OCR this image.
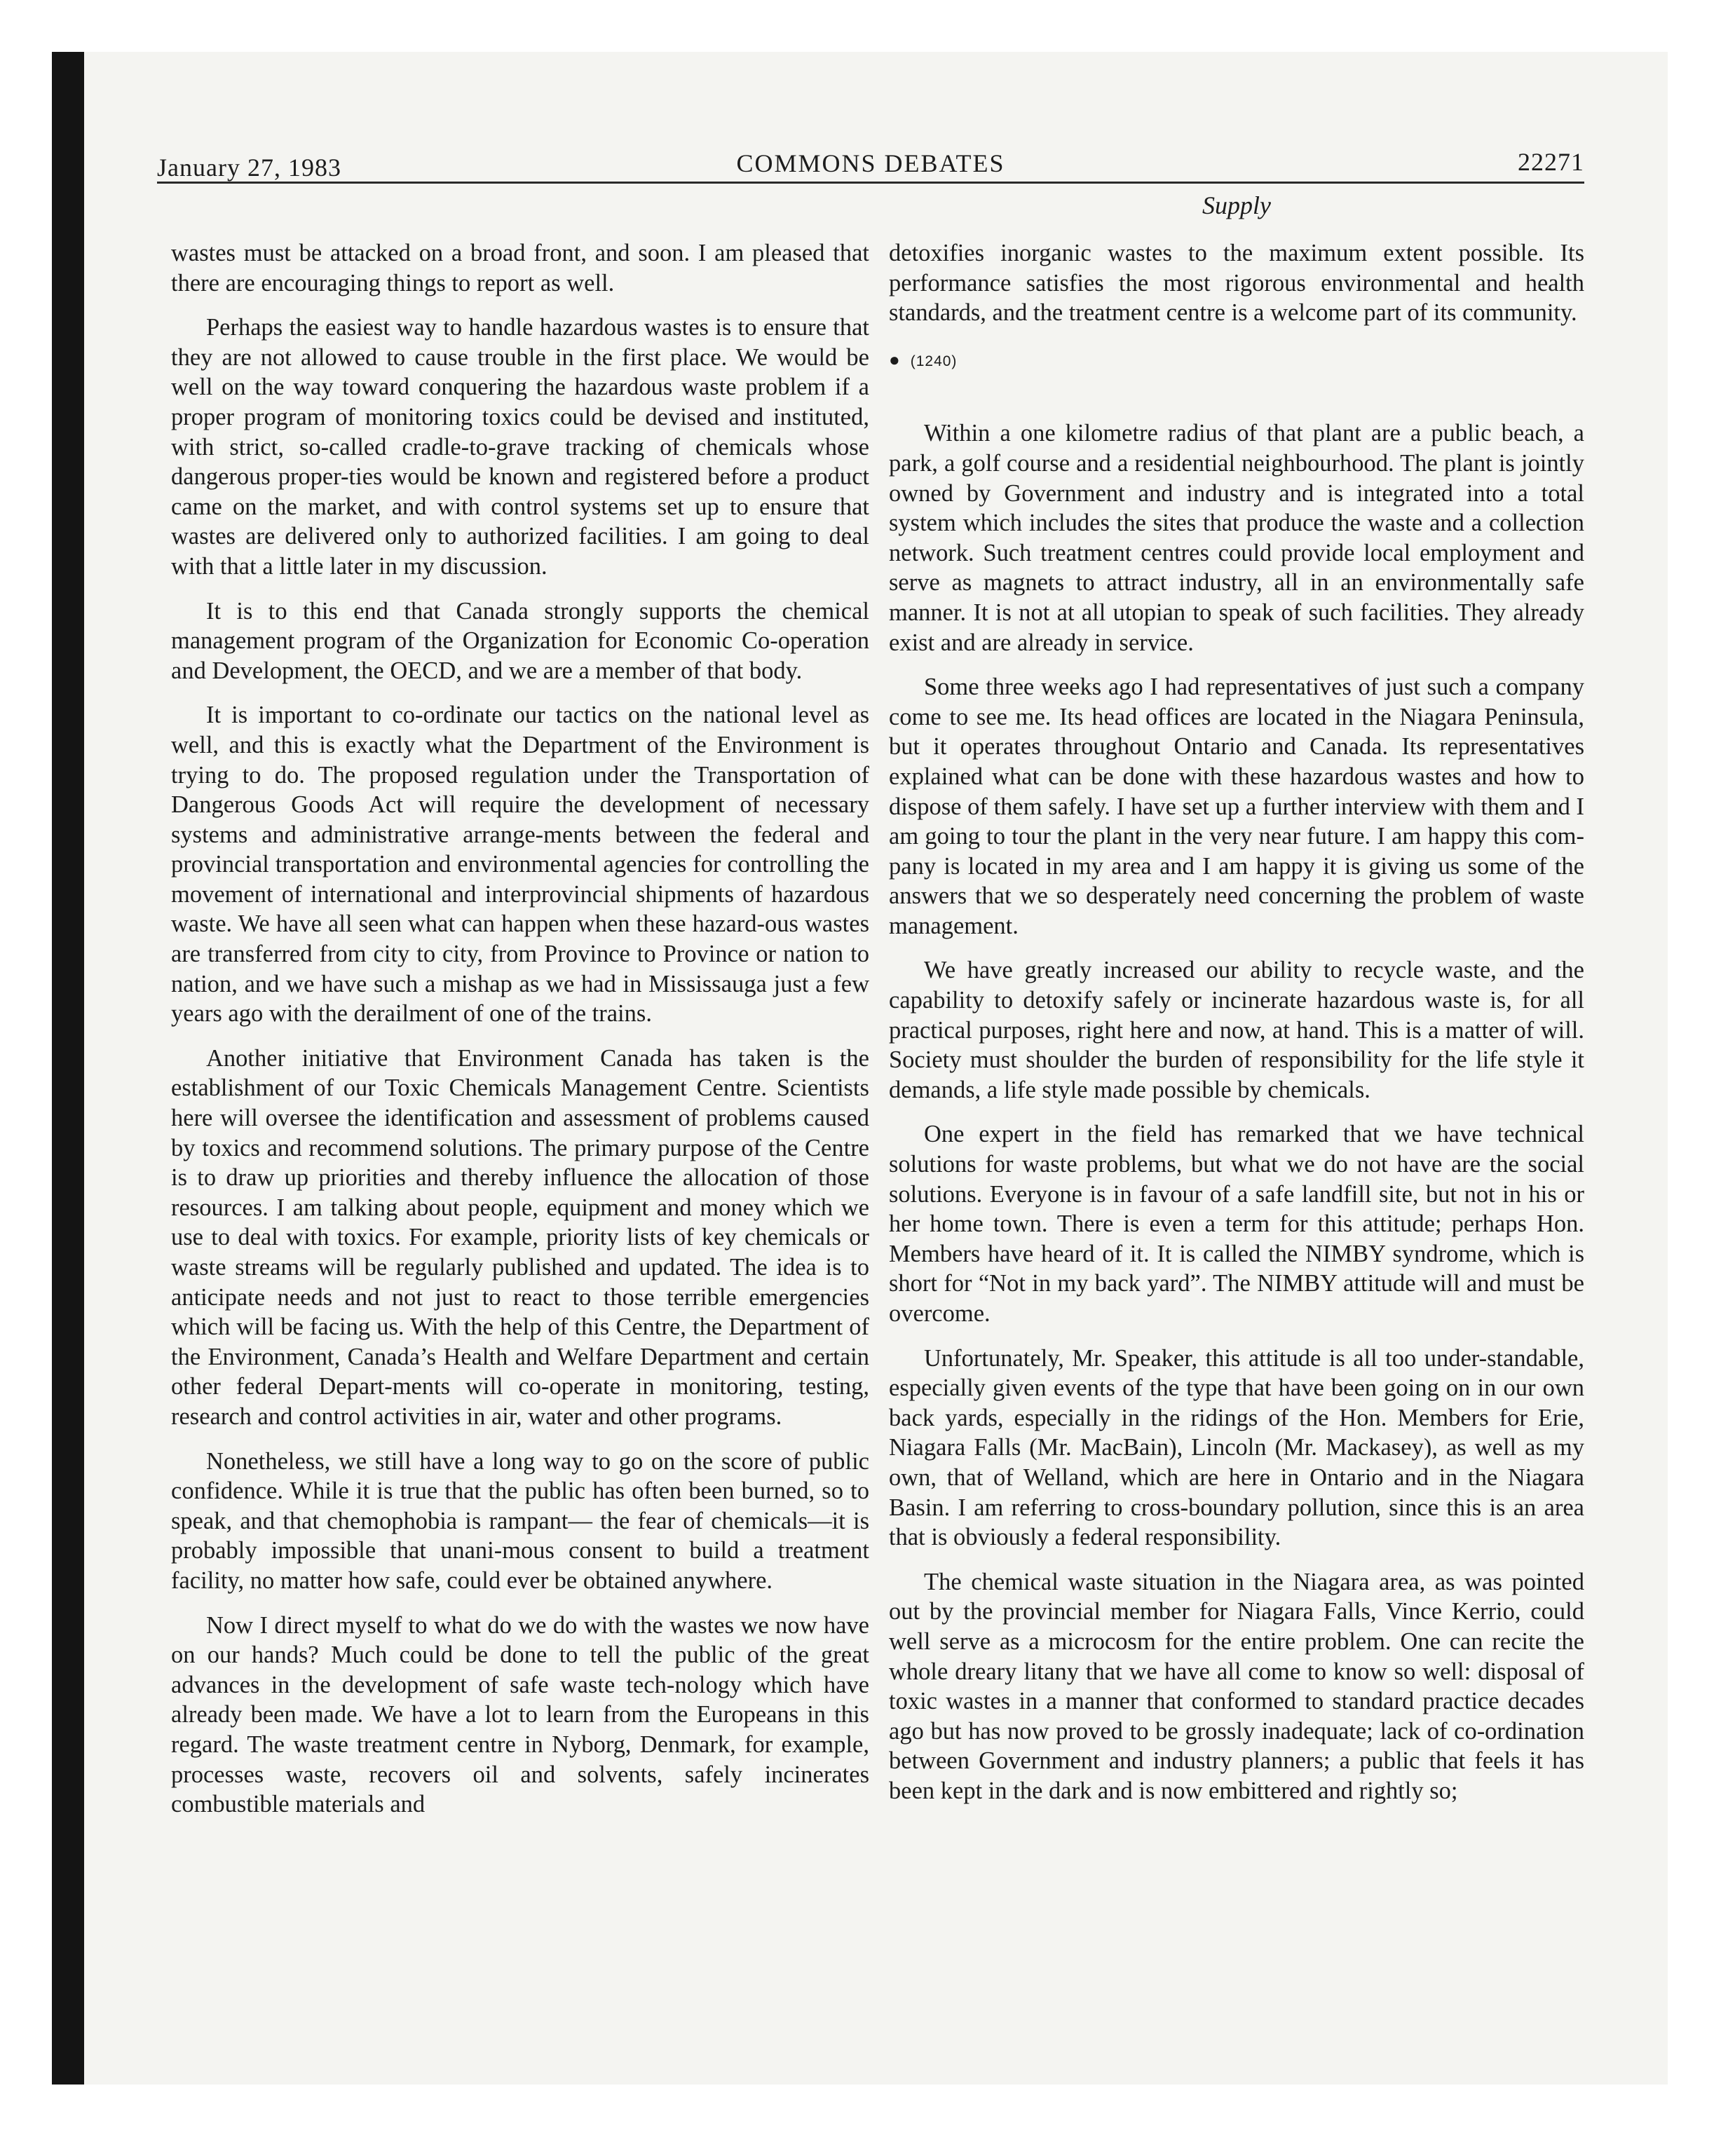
January 27, 1983	COMMONS DEBATES	22271
Supply

wastes must be attacked on a broad front, and soon. I am pleased that there are encouraging things to report as well.

Perhaps the easiest way to handle hazardous wastes is to ensure that they are not allowed to cause trouble in the first place. We would be well on the way toward conquering the hazardous waste problem if a proper program of monitoring toxics could be devised and instituted, with strict, so-called cradle-to-grave tracking of chemicals whose dangerous proper-ties would be known and registered before a product came on the market, and with control systems set up to ensure that wastes are delivered only to authorized facilities. I am going to deal with that a little later in my discussion.

It is to this end that Canada strongly supports the chemical management program of the Organization for Economic Co-operation and Development, the OECD, and we are a member of that body.

It is important to co-ordinate our tactics on the national level as well, and this is exactly what the Department of the Environment is trying to do. The proposed regulation under the Transportation of Dangerous Goods Act will require the development of necessary systems and administrative arrange-ments between the federal and provincial transportation and environmental agencies for controlling the movement of international and interprovincial shipments of hazardous waste. We have all seen what can happen when these hazard-ous wastes are transferred from city to city, from Province to Province or nation to nation, and we have such a mishap as we had in Mississauga just a few years ago with the derailment of one of the trains.

Another initiative that Environment Canada has taken is the establishment of our Toxic Chemicals Management Centre. Scientists here will oversee the identification and assessment of problems caused by toxics and recommend solutions. The primary purpose of the Centre is to draw up priorities and thereby influence the allocation of those resources. I am talking about people, equipment and money which we use to deal with toxics. For example, priority lists of key chemicals or waste streams will be regularly published and updated. The idea is to anticipate needs and not just to react to those terrible emergencies which will be facing us. With the help of this Centre, the Department of the Environment, Canada’s Health and Welfare Department and certain other federal Depart-ments will co-operate in monitoring, testing, research and control activities in air, water and other programs.

Nonetheless, we still have a long way to go on the score of public confidence. While it is true that the public has often been burned, so to speak, and that chemophobia is rampant— the fear of chemicals—it is probably impossible that unani-mous consent to build a treatment facility, no matter how safe, could ever be obtained anywhere.

Now I direct myself to what do we do with the wastes we now have on our hands? Much could be done to tell the public of the great advances in the development of safe waste tech-nology which have already been made. We have a lot to learn from the Europeans in this regard. The waste treatment centre in Nyborg, Denmark, for example, processes waste, recovers oil and solvents, safely incinerates combustible materials and

detoxifies inorganic wastes to the maximum extent possible. Its performance satisfies the most rigorous environmental and health standards, and the treatment centre is a welcome part of its community.

● (1240)

Within a one kilometre radius of that plant are a public beach, a park, a golf course and a residential neighbourhood. The plant is jointly owned by Government and industry and is integrated into a total system which includes the sites that produce the waste and a collection network. Such treatment centres could provide local employment and serve as magnets to attract industry, all in an environmentally safe manner. It is not at all utopian to speak of such facilities. They already exist and are already in service.

Some three weeks ago I had representatives of just such a company come to see me. Its head offices are located in the Niagara Peninsula, but it operates throughout Ontario and Canada. Its representatives explained what can be done with these hazardous wastes and how to dispose of them safely. I have set up a further interview with them and I am going to tour the plant in the very near future. I am happy this com-pany is located in my area and I am happy it is giving us some of the answers that we so desperately need concerning the problem of waste management.

We have greatly increased our ability to recycle waste, and the capability to detoxify safely or incinerate hazardous waste is, for all practical purposes, right here and now, at hand. This is a matter of will. Society must shoulder the burden of responsibility for the life style it demands, a life style made possible by chemicals.

One expert in the field has remarked that we have technical solutions for waste problems, but what we do not have are the social solutions. Everyone is in favour of a safe landfill site, but not in his or her home town. There is even a term for this attitude; perhaps Hon. Members have heard of it. It is called the NIMBY syndrome, which is short for “Not in my back yard”. The NIMBY attitude will and must be overcome.

Unfortunately, Mr. Speaker, this attitude is all too under-standable, especially given events of the type that have been going on in our own back yards, especially in the ridings of the Hon. Members for Erie, Niagara Falls (Mr. MacBain), Lincoln (Mr. Mackasey), as well as my own, that of Welland, which are here in Ontario and in the Niagara Basin. I am referring to cross-boundary pollution, since this is an area that is obviously a federal responsibility.

The chemical waste situation in the Niagara area, as was pointed out by the provincial member for Niagara Falls, Vince Kerrio, could well serve as a microcosm for the entire problem. One can recite the whole dreary litany that we have all come to know so well: disposal of toxic wastes in a manner that conformed to standard practice decades ago but has now proved to be grossly inadequate; lack of co-ordination between Government and industry planners; a public that feels it has been kept in the dark and is now embittered and rightly so;
